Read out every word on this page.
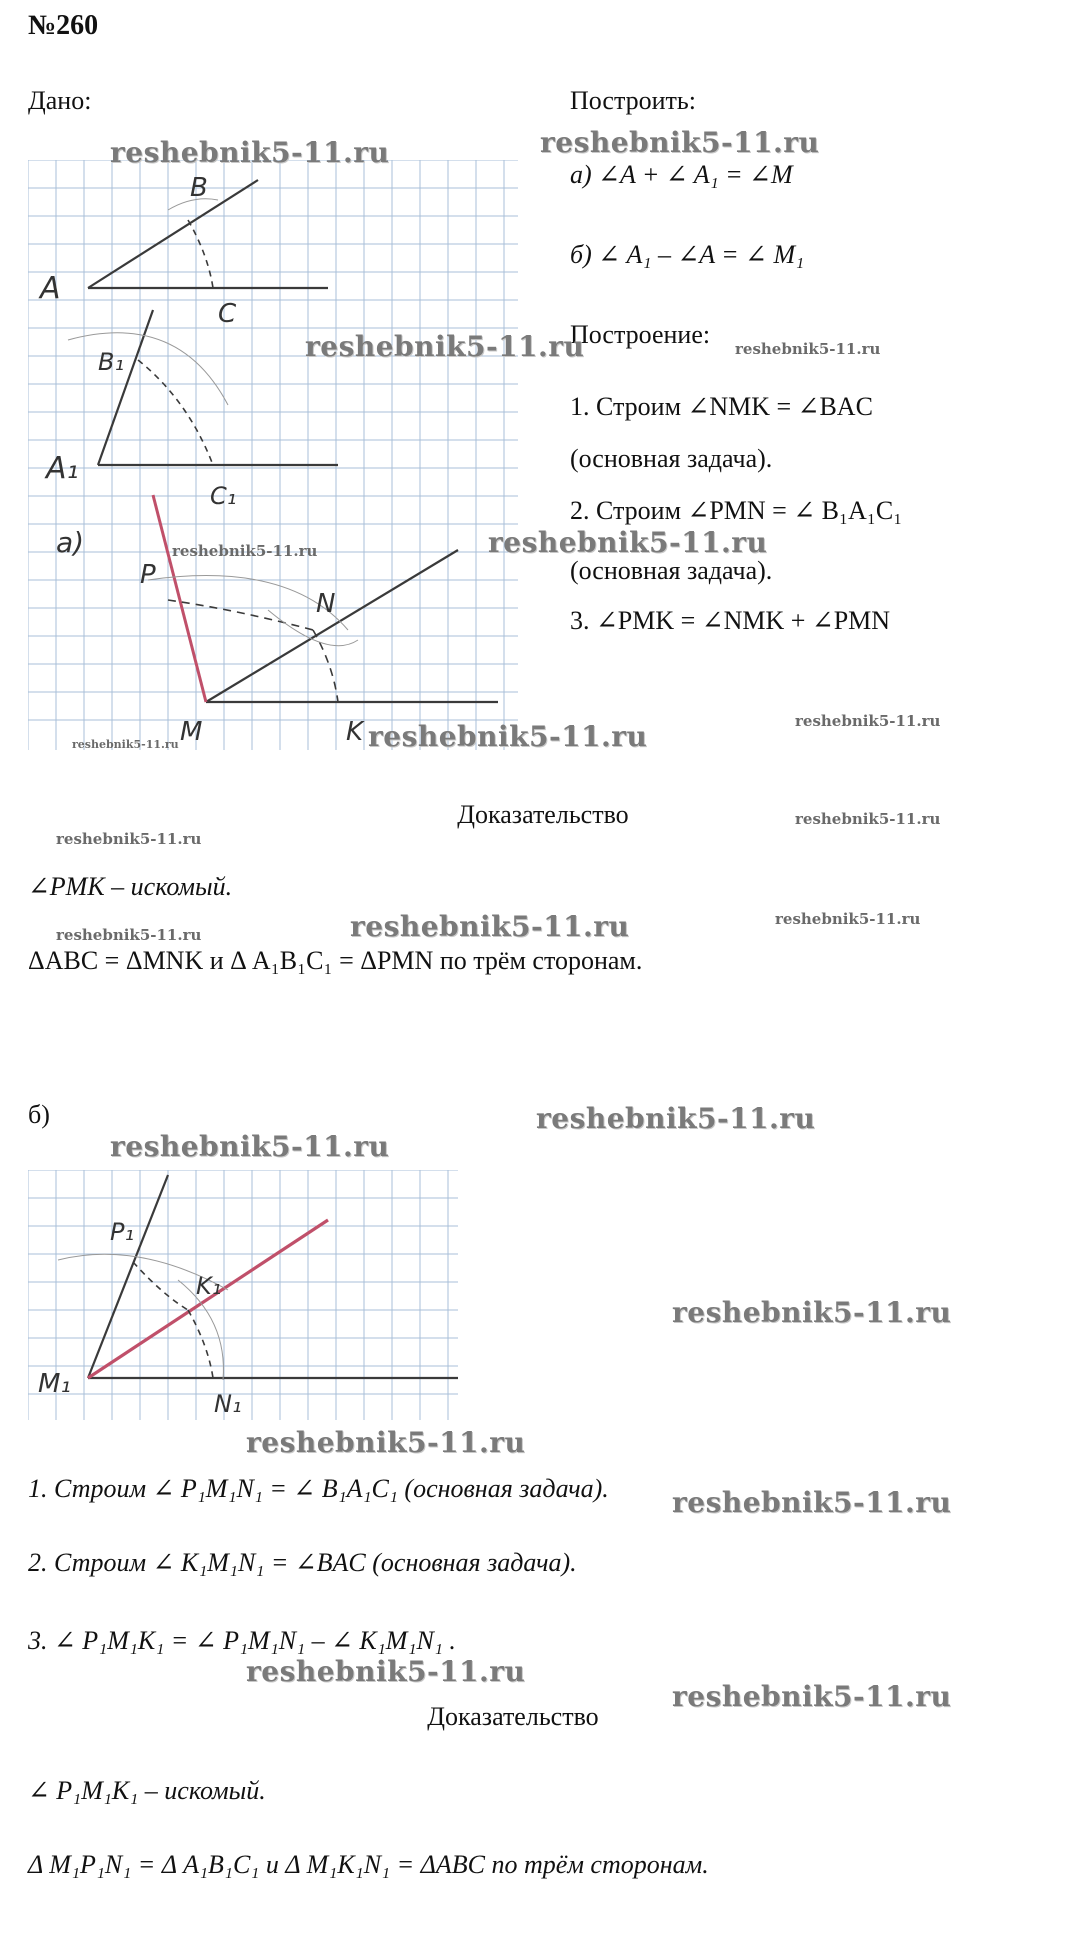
№260
Дано:
A
B
C
B₁
A₁
C₁
а)
P
N
M	K
Построить:
а) ∠A + ∠ A₁ = ∠M
б) ∠ A₁ – ∠A = ∠ M₁
Построение:
1. Строим ∠NMK = ∠BAC
(основная задача).
2. Строим ∠PMN = ∠ B₁A₁C₁
(основная задача).
3. ∠PMK = ∠NMK + ∠PMN
Доказательство
∠PMK – искомый.
ΔABC = ΔMNK и Δ A₁B₁C₁ = ΔPMN по трём сторонам.
б)
P₁
K₁
M₁
N₁
1. Строим ∠ P₁M₁N₁ = ∠ B₁A₁C₁ (основная задача).
2. Строим ∠ K₁M₁N₁ = ∠BAC (основная задача).
3. ∠ P₁M₁K₁ = ∠ P₁M₁N₁ – ∠ K₁M₁N₁ .
Доказательство
∠ P₁M₁K₁ – искомый.
Δ M₁P₁N₁ = Δ A₁B₁C₁ и Δ M₁K₁N₁ = ΔABC по трём сторонам.
reshebnik5-11.ru	reshebnik5-11.ru
reshebnik5-11.ru	reshebnik5-11.ru
reshebnik5-11.ru
reshebnik5-11.ru
reshebnik5-11.ru
reshebnik5-11.ru
reshebnik5-11.ru
reshebnik5-11.ru
reshebnik5-11.ru
reshebnik5-11.ru
reshebnik5-11.ru
reshebnik5-11.ru
reshebnik5-11.ru
reshebnik5-11.ru
reshebnik5-11.ru
reshebnik5-11.ru
reshebnik5-11.ru
reshebnik5-11.ru
reshebnik5-11.ru
